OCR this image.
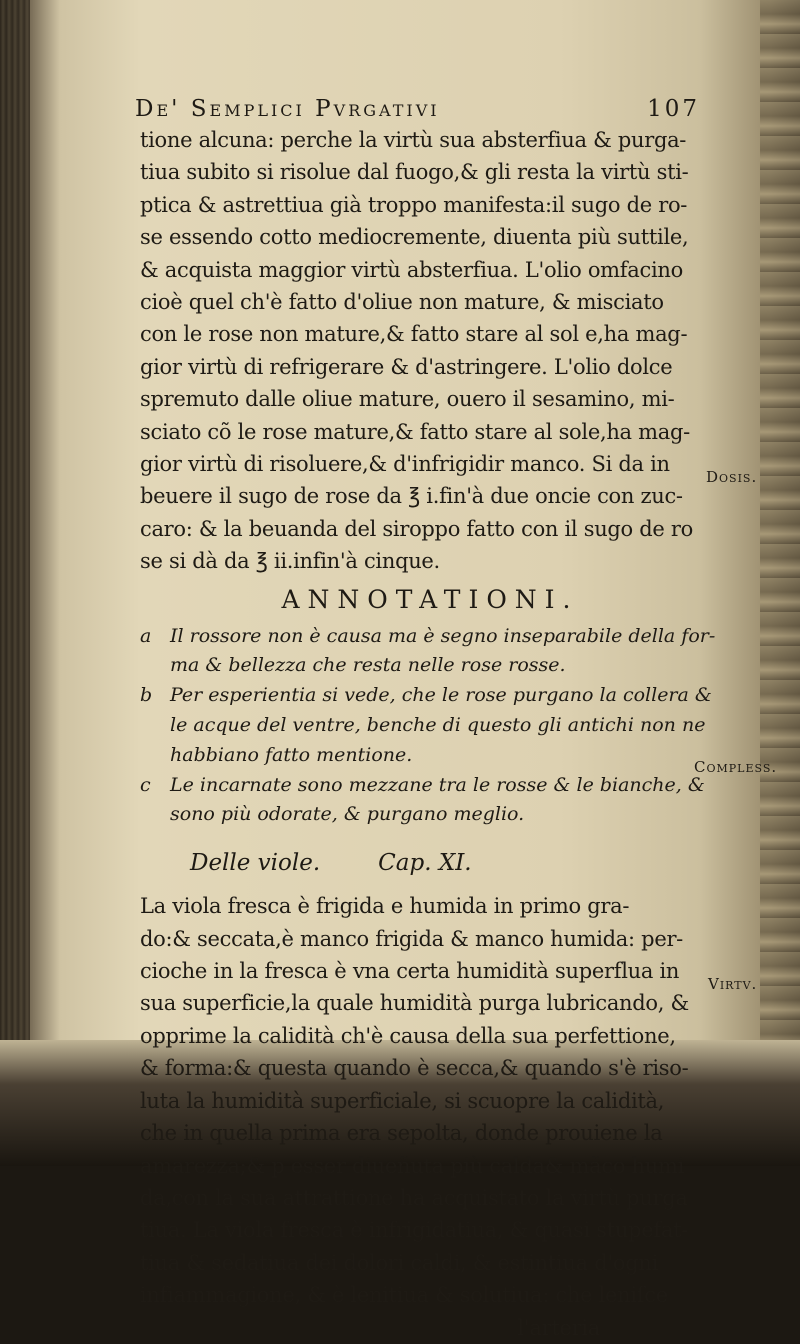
De' Semplici Pvrgativi	107
tione alcuna: perche la virtù sua absterfiua & purga-
tiua subito si risolue dal fuogo,& gli resta la virtù sti-
ptica & astrettiua già troppo manifesta:il sugo de ro-
se essendo cotto mediocremente, diuenta più suttile,
& acquista maggior virtù absterfiua. L'olio omfacino
cioè quel ch'è fatto d'oliue non mature, & misciato
con le rose non mature,& fatto stare al sol e,ha mag-
gior virtù di refrigerare & d'astringere. L'olio dolce
spremuto dalle oliue mature, ouero il sesamino, mi-
sciato cõ le rose mature,& fatto stare al sole,ha mag-
gior virtù di risoluere,& d'infrigidir manco. Si da in
beuere il sugo de rose da ℥ i.fin'à due oncie con zuc-
caro: & la beuanda del siroppo fatto con il sugo de ro
se si dà da ℥ ii.infin'à cinque.
ANNOTATIONI.
a Il rossore non è causa ma è segno inseparabile della for-
ma & bellezza che resta nelle rose rosse.
b Per esperientia si vede, che le rose purgano la collera &
le acque del ventre, benche di questo gli antichi non ne
habbiano fatto mentione.
c Le incarnate sono mezzane tra le rosse & le bianche, &
sono più odorate, & purgano meglio.
Delle viole.	Cap. XI.
La viola fresca è frigida e humida in primo gra-
do:& seccata,è manco frigida & manco humida: per-
cioche in la fresca è vna certa humidità superflua in
sua superficie,la quale humidità purga lubricando, &
opprime la calidità ch'è causa della sua perfettione,
& forma:& questa quando è secca,& quando s'è riso-
luta la humidità superficiale, si scuopre la calidità,
che in quella prima era sepolta, donde prouiene la
amarezza;& p esser diueñuta più calda& mãco humi
da,con la sua attrattione ha acquistato la virtù purga
tiua. La viola fresca è infrigidatiua, & quasi stupefat-
tiua & sedatiua dei dolori caldi, & estintiua d'ogni
infiammagione, & è lenitiua & solutiua: che leniſce
l'arteria
Dosis.
Compless.
Virtv.
